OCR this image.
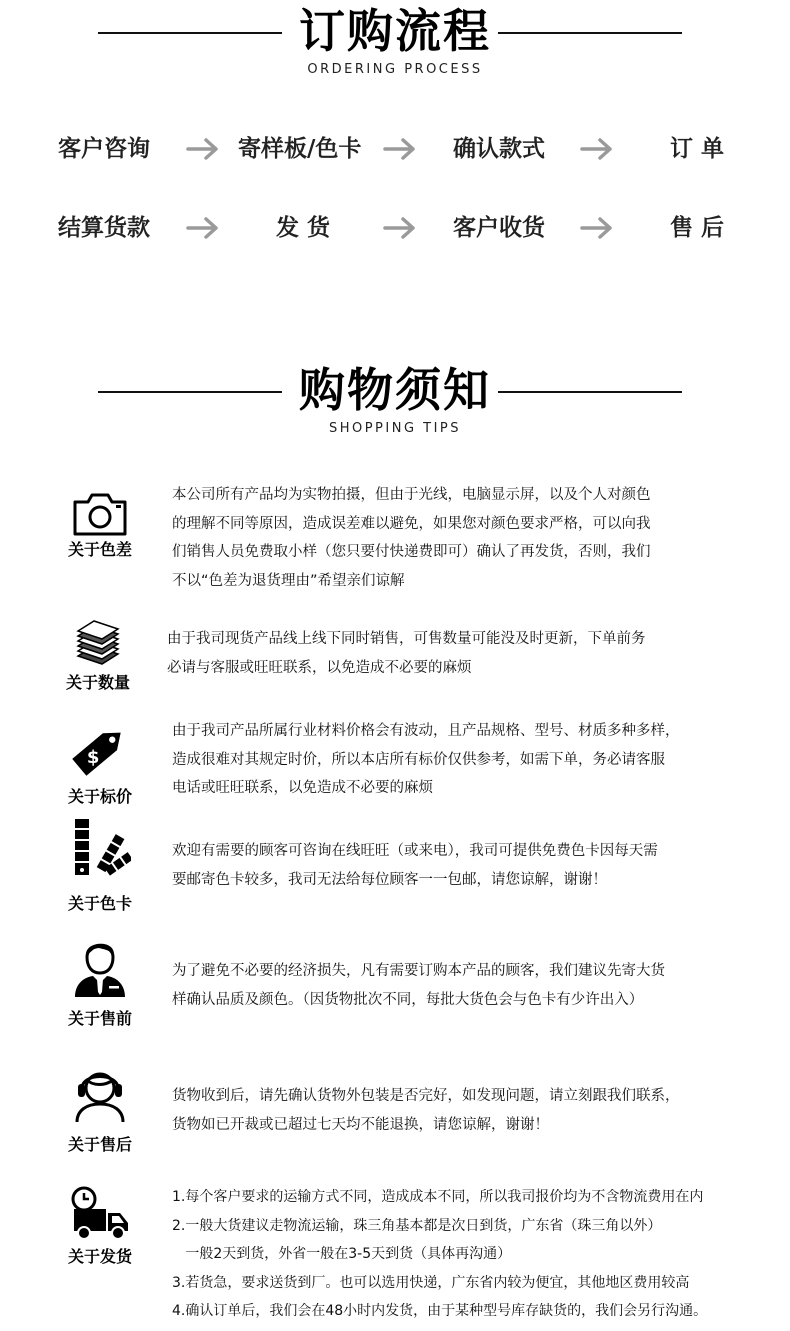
订购流程
ORDERING PROCESS
客户咨询	寄样板/色卡	确认款式	订 单
结算货款	发 货	客户收货	售 后
购物须知
SHOPPING TIPS
关于色差
本公司所有产品均为实物拍摄，但由于光线，电脑显示屏，以及个人对颜色
的理解不同等原因，造成误差难以避免，如果您对颜色要求严格，可以向我
们销售人员免费取小样（您只要付快递费即可）确认了再发货，否则，我们
不以“色差为退货理由”希望亲们谅解
关于数量
由于我司现货产品线上线下同时销售，可售数量可能没及时更新，下单前务
必请与客服或旺旺联系，以免造成不必要的麻烦
$
关于标价
由于我司产品所属行业材料价格会有波动，且产品规格、型号、材质多种多样，
造成很难对其规定时价，所以本店所有标价仅供参考，如需下单，务必请客服
电话或旺旺联系，以免造成不必要的麻烦
关于色卡
欢迎有需要的顾客可咨询在线旺旺（或来电），我司可提供免费色卡因每天需
要邮寄色卡较多，我司无法给每位顾客一一包邮，请您谅解，谢谢！
关于售前
为了避免不必要的经济损失，凡有需要订购本产品的顾客，我们建议先寄大货
样确认品质及颜色。（因货物批次不同，每批大货色会与色卡有少许出入）
关于售后
货物收到后，请先确认货物外包装是否完好，如发现问题，请立刻跟我们联系，
货物如已开裁或已超过七天均不能退换，请您谅解，谢谢！
关于发货
1.每个客户要求的运输方式不同，造成成本不同，所以我司报价均为不含物流费用在内
2.一般大货建议走物流运输，珠三角基本都是次日到货，广东省（珠三角以外）
一般2天到货，外省一般在3-5天到货（具体再沟通）
3.若货急，要求送货到厂。也可以选用快递，广东省内较为便宜，其他地区费用较高
4.确认订单后，我们会在48小时内发货，由于某种型号库存缺货的，我们会另行沟通。
